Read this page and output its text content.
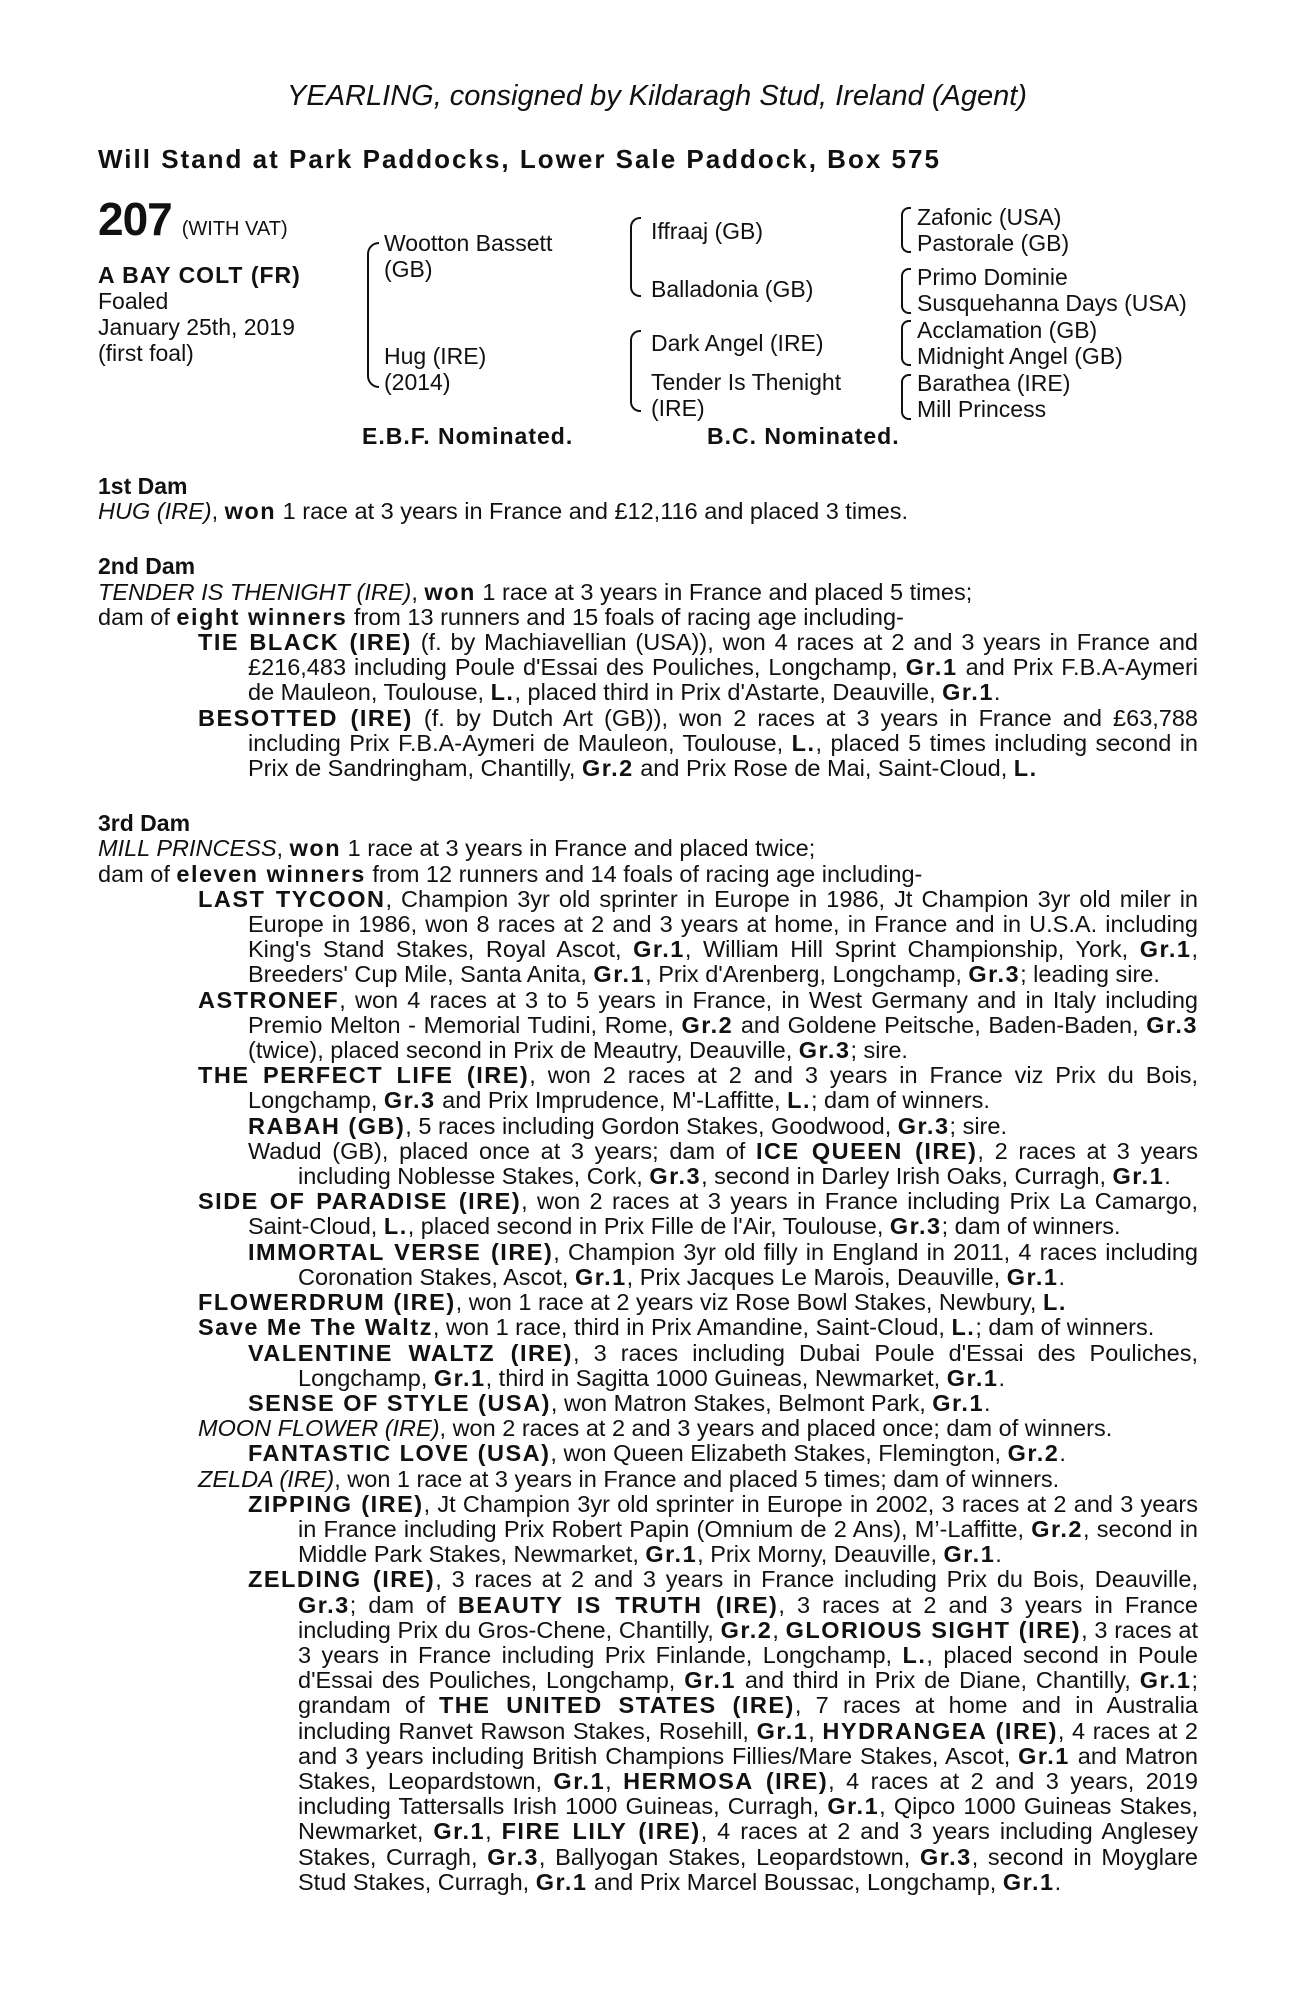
YEARLING, consigned by Kildaragh Stud, Ireland (Agent)
Will Stand at Park Paddocks, Lower Sale Paddock, Box 575
207 (WITH VAT)
A BAY COLT (FR)
Foaled
January 25th, 2019
(first foal)
Wootton Bassett
(GB)
Hug (IRE)
(2014)
Iffraaj (GB)
Balladonia (GB)
Dark Angel (IRE)
Tender Is Thenight
(IRE)
Zafonic (USA)
Pastorale (GB)
Primo Dominie
Susquehanna Days (USA)
Acclamation (GB)
Midnight Angel (GB)
Barathea (IRE)
Mill Princess
E.B.F. Nominated.	B.C. Nominated.
1st Dam
HUG (IRE), won 1 race at 3 years in France and £12,116 and placed 3 times.
2nd Dam
TENDER IS THENIGHT (IRE), won 1 race at 3 years in France and placed 5 times;
dam of eight winners from 13 runners and 15 foals of racing age including-
TIE BLACK (IRE) (f. by Machiavellian (USA)), won 4 races at 2 and 3 years in France and £216,483 including Poule d'Essai des Pouliches, Longchamp, Gr.1 and Prix F.B.A-Aymeri de Mauleon, Toulouse, L., placed third in Prix d'Astarte, Deauville, Gr.1.
BESOTTED (IRE) (f. by Dutch Art (GB)), won 2 races at 3 years in France and £63,788 including Prix F.B.A-Aymeri de Mauleon, Toulouse, L., placed 5 times including second in Prix de Sandringham, Chantilly, Gr.2 and Prix Rose de Mai, Saint-Cloud, L.
3rd Dam
MILL PRINCESS, won 1 race at 3 years in France and placed twice;
dam of eleven winners from 12 runners and 14 foals of racing age including-
LAST TYCOON, Champion 3yr old sprinter in Europe in 1986, Jt Champion 3yr old miler in Europe in 1986, won 8 races at 2 and 3 years at home, in France and in U.S.A. including King's Stand Stakes, Royal Ascot, Gr.1, William Hill Sprint Championship, York, Gr.1, Breeders' Cup Mile, Santa Anita, Gr.1, Prix d'Arenberg, Longchamp, Gr.3; leading sire.
ASTRONEF, won 4 races at 3 to 5 years in France, in West Germany and in Italy including Premio Melton - Memorial Tudini, Rome, Gr.2 and Goldene Peitsche, Baden-Baden, Gr.3 (twice), placed second in Prix de Meautry, Deauville, Gr.3; sire.
THE PERFECT LIFE (IRE), won 2 races at 2 and 3 years in France viz Prix du Bois, Longchamp, Gr.3 and Prix Imprudence, M'-Laffitte, L.; dam of winners.
RABAH (GB), 5 races including Gordon Stakes, Goodwood, Gr.3; sire.
Wadud (GB), placed once at 3 years; dam of ICE QUEEN (IRE), 2 races at 3 years including Noblesse Stakes, Cork, Gr.3, second in Darley Irish Oaks, Curragh, Gr.1.
SIDE OF PARADISE (IRE), won 2 races at 3 years in France including Prix La Camargo, Saint-Cloud, L., placed second in Prix Fille de l'Air, Toulouse, Gr.3; dam of winners.
IMMORTAL VERSE (IRE), Champion 3yr old filly in England in 2011, 4 races including Coronation Stakes, Ascot, Gr.1, Prix Jacques Le Marois, Deauville, Gr.1.
FLOWERDRUM (IRE), won 1 race at 2 years viz Rose Bowl Stakes, Newbury, L.
Save Me The Waltz, won 1 race, third in Prix Amandine, Saint-Cloud, L.; dam of winners.
VALENTINE WALTZ (IRE), 3 races including Dubai Poule d'Essai des Pouliches, Longchamp, Gr.1, third in Sagitta 1000 Guineas, Newmarket, Gr.1.
SENSE OF STYLE (USA), won Matron Stakes, Belmont Park, Gr.1.
MOON FLOWER (IRE), won 2 races at 2 and 3 years and placed once; dam of winners.
FANTASTIC LOVE (USA), won Queen Elizabeth Stakes, Flemington, Gr.2.
ZELDA (IRE), won 1 race at 3 years in France and placed 5 times; dam of winners.
ZIPPING (IRE), Jt Champion 3yr old sprinter in Europe in 2002, 3 races at 2 and 3 years in France including Prix Robert Papin (Omnium de 2 Ans), M’-Laffitte, Gr.2, second in Middle Park Stakes, Newmarket, Gr.1, Prix Morny, Deauville, Gr.1.
ZELDING (IRE), 3 races at 2 and 3 years in France including Prix du Bois, Deauville, Gr.3; dam of BEAUTY IS TRUTH (IRE), 3 races at 2 and 3 years in France including Prix du Gros-Chene, Chantilly, Gr.2, GLORIOUS SIGHT (IRE), 3 races at 3 years in France including Prix Finlande, Longchamp, L., placed second in Poule d'Essai des Pouliches, Longchamp, Gr.1 and third in Prix de Diane, Chantilly, Gr.1; grandam of THE UNITED STATES (IRE), 7 races at home and in Australia including Ranvet Rawson Stakes, Rosehill, Gr.1, HYDRANGEA (IRE), 4 races at 2 and 3 years including British Champions Fillies/Mare Stakes, Ascot, Gr.1 and Matron Stakes, Leopardstown, Gr.1, HERMOSA (IRE), 4 races at 2 and 3 years, 2019 including Tattersalls Irish 1000 Guineas, Curragh, Gr.1, Qipco 1000 Guineas Stakes, Newmarket, Gr.1, FIRE LILY (IRE), 4 races at 2 and 3 years including Anglesey Stakes, Curragh, Gr.3, Ballyogan Stakes, Leopardstown, Gr.3, second in Moyglare Stud Stakes, Curragh, Gr.1 and Prix Marcel Boussac, Longchamp, Gr.1.
